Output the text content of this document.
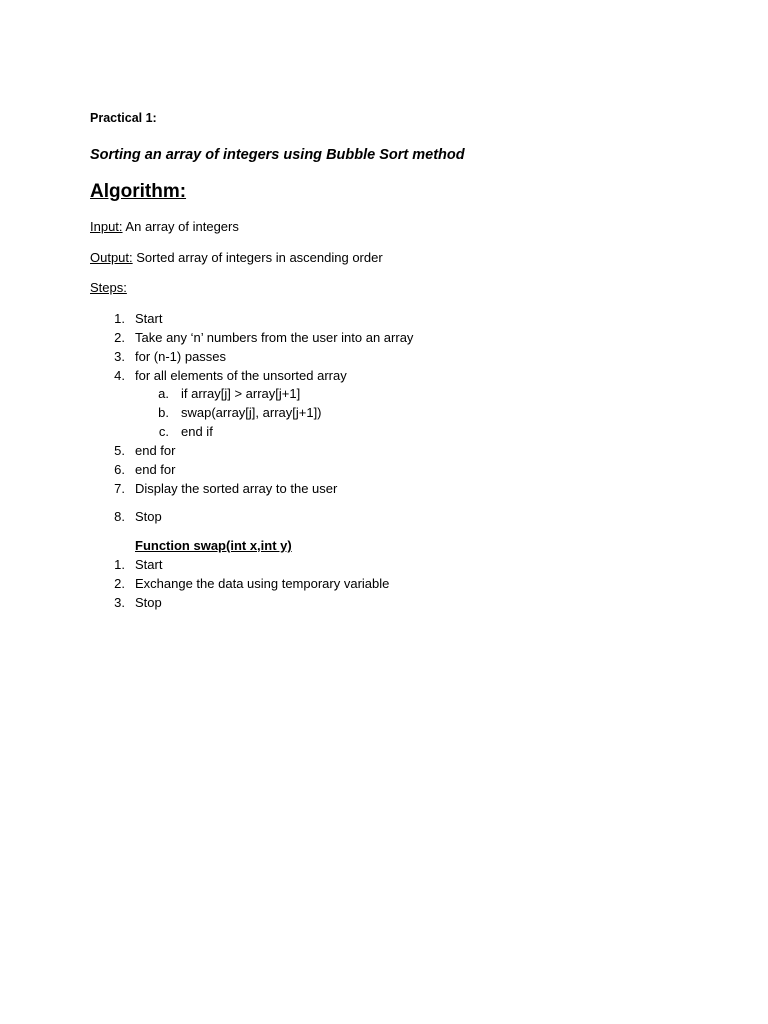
Practical 1:
Sorting an array of integers using Bubble Sort method
Algorithm:
Input: An array of integers
Output: Sorted array of integers in ascending order
Steps:
1. Start
2. Take any ‘n’ numbers from the user into an array
3. for (n-1) passes
4. for all elements of the unsorted array
a. if array[j] > array[j+1]
b. swap(array[j], array[j+1])
c. end if
5. end for
6. end for
7. Display the sorted array to the user
8. Stop
Function swap(int x,int y)
1. Start
2. Exchange the data using temporary variable
3. Stop
